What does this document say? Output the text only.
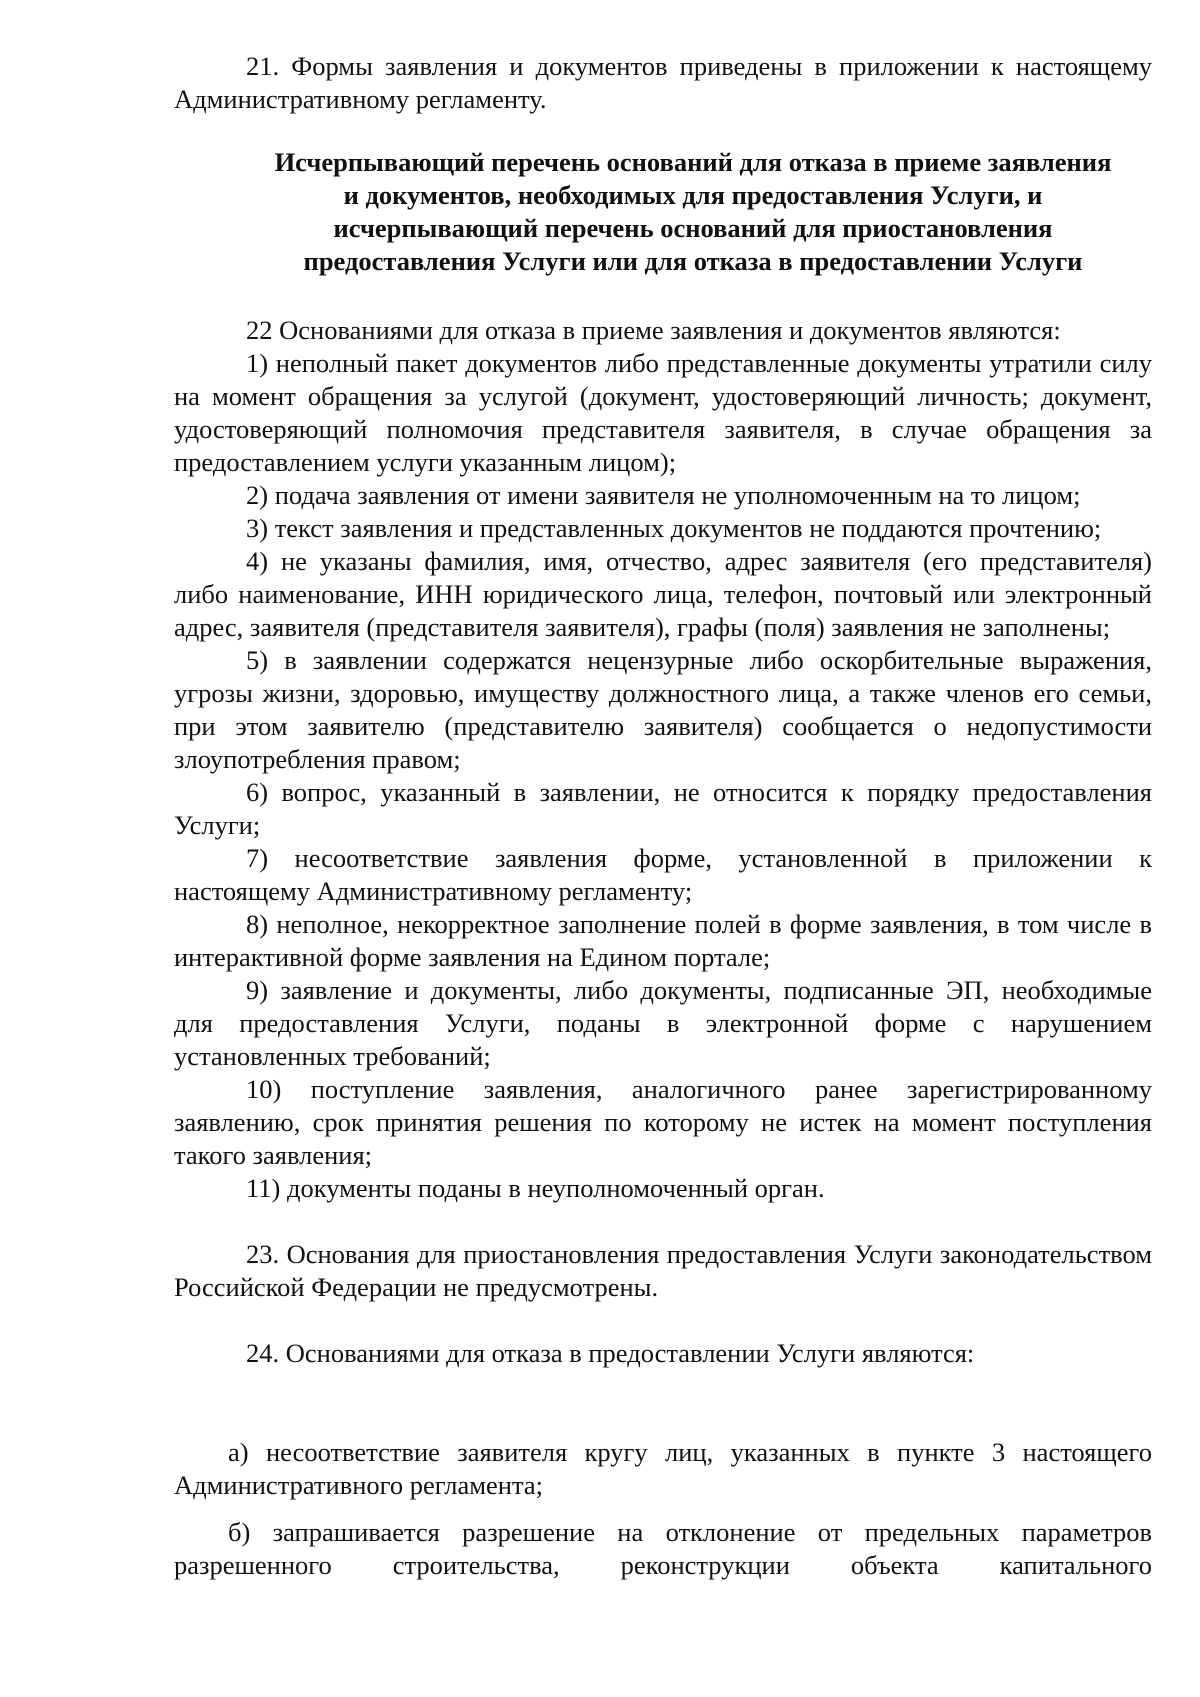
21. Формы заявления и документов приведены в приложении к настоящему Административному регламенту.

Исчерпывающий перечень оснований для отказа в приеме заявления
и документов, необходимых для предоставления Услуги, и
исчерпывающий перечень оснований для приостановления
предоставления Услуги или для отказа в предоставлении Услуги

22 Основаниями для отказа в приеме заявления и документов являются:

1) неполный пакет документов либо представленные документы утратили силу на момент обращения за услугой (документ, удостоверяющий личность; документ, удостоверяющий полномочия представителя заявителя, в случае обращения за предоставлением услуги указанным лицом);

2) подача заявления от имени заявителя не уполномоченным на то лицом;

3) текст заявления и представленных документов не поддаются прочтению;

4) не указаны фамилия, имя, отчество, адрес заявителя (его представителя) либо наименование, ИНН юридического лица, телефон, почтовый или электронный адрес, заявителя (представителя заявителя), графы (поля) заявления не заполнены;

5) в заявлении содержатся нецензурные либо оскорбительные выражения, угрозы жизни, здоровью, имуществу должностного лица, а также членов его семьи, при этом заявителю (представителю заявителя) сообщается о недопустимости злоупотребления правом;

6) вопрос, указанный в заявлении, не относится к порядку предоставления Услуги;

7) несоответствие заявления форме, установленной в приложении к настоящему Административному регламенту;

8) неполное, некорректное заполнение полей в форме заявления, в том числе в интерактивной форме заявления на Едином портале;

9) заявление и документы, либо документы, подписанные ЭП, необходимые для предоставления Услуги, поданы в электронной форме с нарушением установленных требований;

10) поступление заявления, аналогичного ранее зарегистрированному заявлению, срок принятия решения по которому не истек на момент поступления такого заявления;

11) документы поданы в неуполномоченный орган.

23. Основания для приостановления предоставления Услуги законодательством Российской Федерации не предусмотрены.

24. Основаниями для отказа в предоставлении Услуги являются:

а) несоответствие заявителя кругу лиц, указанных в пункте 3 настоящего Административного регламента;

б) запрашивается разрешение на отклонение от предельных параметров разрешенного строительства, реконструкции объекта капитального
